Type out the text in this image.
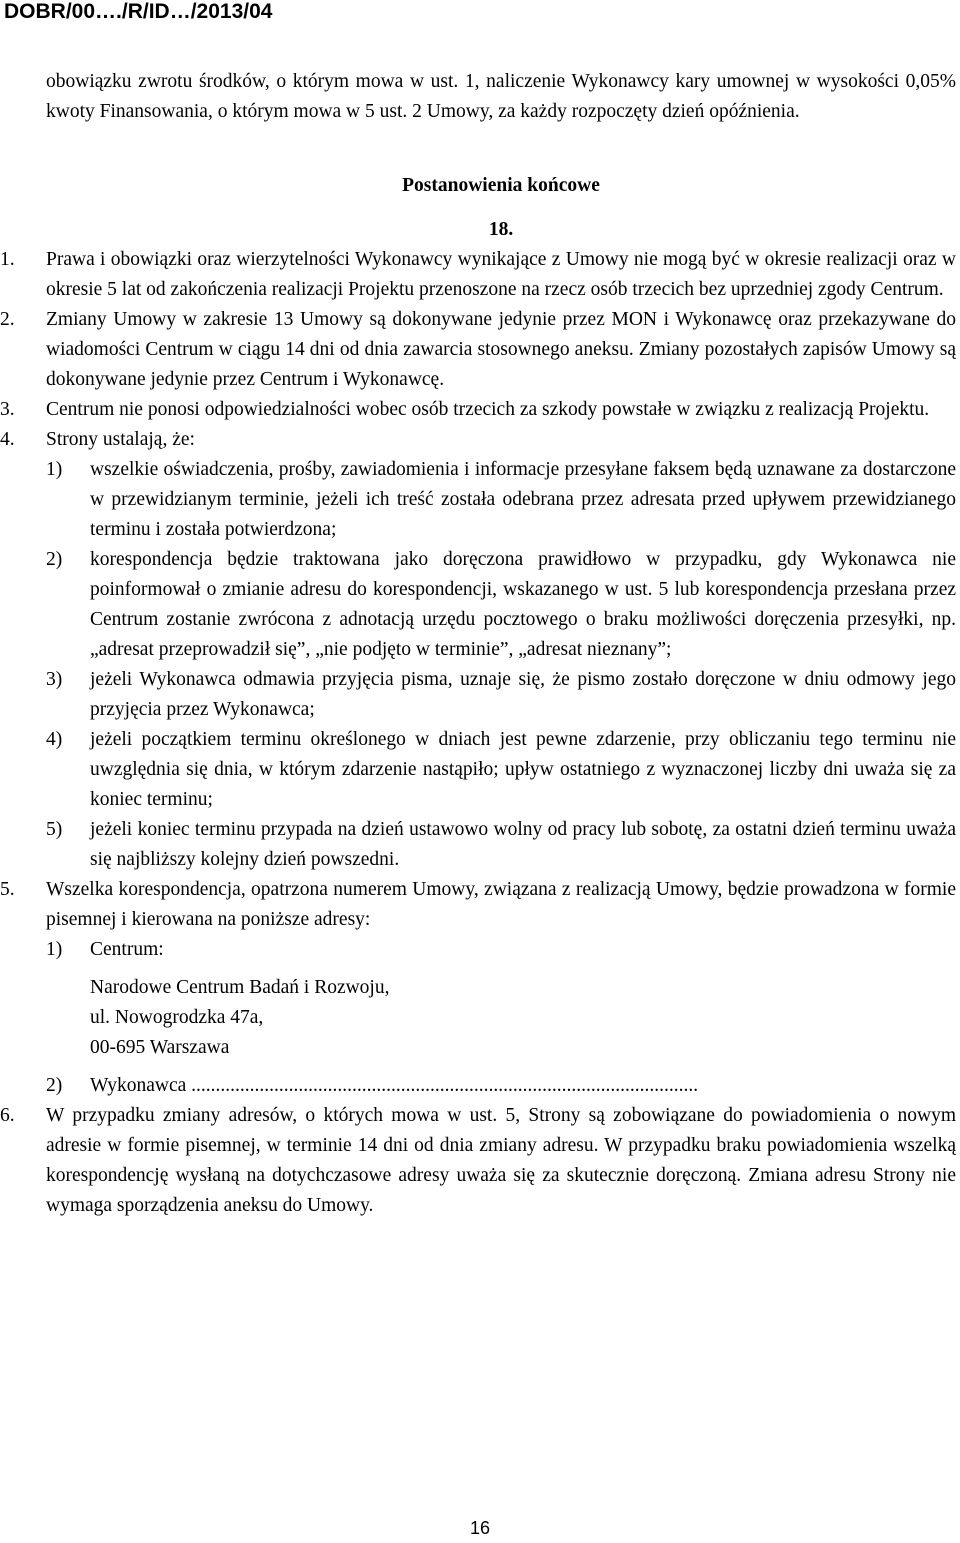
DOBR/00…./R/ID…/2013/04
obowiązku zwrotu środków, o którym mowa w ust. 1, naliczenie Wykonawcy kary umownej w wysokości 0,05% kwoty Finansowania, o którym mowa w 5 ust. 2 Umowy, za każdy rozpoczęty dzień opóźnienia.
Postanowienia końcowe
18.
1. Prawa i obowiązki oraz wierzytelności Wykonawcy wynikające z Umowy nie mogą być w okresie realizacji oraz w okresie 5 lat od zakończenia realizacji Projektu przenoszone na rzecz osób trzecich bez uprzedniej zgody Centrum.
2. Zmiany Umowy w zakresie 13 Umowy są dokonywane jedynie przez MON i Wykonawcę oraz przekazywane do wiadomości Centrum w ciągu 14 dni od dnia zawarcia stosownego aneksu. Zmiany pozostałych zapisów Umowy są dokonywane jedynie przez Centrum i Wykonawcę.
3. Centrum nie ponosi odpowiedzialności wobec osób trzecich za szkody powstałe w związku z realizacją Projektu.
4. Strony ustalają, że:
1) wszelkie oświadczenia, prośby, zawiadomienia i informacje przesyłane faksem będą uznawane za dostarczone w przewidzianym terminie, jeżeli ich treść została odebrana przez adresata przed upływem przewidzianego terminu i została potwierdzona;
2) korespondencja będzie traktowana jako doręczona prawidłowo w przypadku, gdy Wykonawca nie poinformował o zmianie adresu do korespondencji, wskazanego w ust. 5 lub korespondencja przesłana przez Centrum zostanie zwrócona z adnotacją urzędu pocztowego o braku możliwości doręczenia przesyłki, np. „adresat przeprowadził się”, „nie podjęto w terminie”, „adresat nieznany”;
3) jeżeli Wykonawca odmawia przyjęcia pisma, uznaje się, że pismo zostało doręczone w dniu odmowy jego przyjęcia przez Wykonawca;
4) jeżeli początkiem terminu określonego w dniach jest pewne zdarzenie, przy obliczaniu tego terminu nie uwzględnia się dnia, w którym zdarzenie nastąpiło; upływ ostatniego z wyznaczonej liczby dni uważa się za koniec terminu;
5) jeżeli koniec terminu przypada na dzień ustawowo wolny od pracy lub sobotę, za ostatni dzień terminu uważa się najbliższy kolejny dzień powszedni.
5. Wszelka korespondencja, opatrzona numerem Umowy, związana z realizacją Umowy, będzie prowadzona w formie pisemnej i kierowana na poniższe adresy:
1) Centrum:
Narodowe Centrum Badań i Rozwoju,
ul. Nowogrodzka 47a,
00-695 Warszawa
2) Wykonawca ........................................................................................................
6. W przypadku zmiany adresów, o których mowa w ust. 5, Strony są zobowiązane do powiadomienia o nowym adresie w formie pisemnej, w terminie 14 dni od dnia zmiany adresu. W przypadku braku powiadomienia wszelką korespondencję wysłaną na dotychczasowe adresy uważa się za skutecznie doręczoną. Zmiana adresu Strony nie wymaga sporządzenia aneksu do Umowy.
16
